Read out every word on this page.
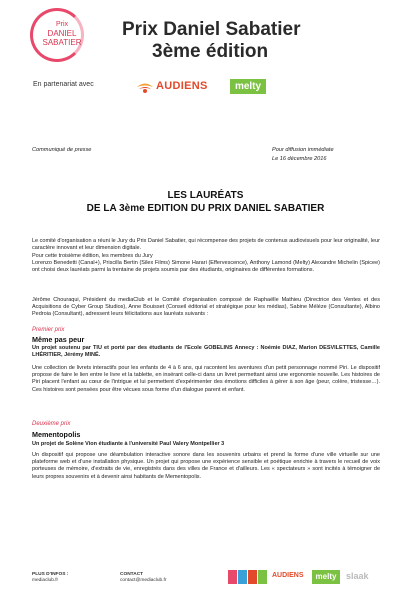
Prix
DANIEL
SABATIER
Prix Daniel Sabatier
3ème édition
En partenariat avec	AUDIENS	melty
Communiqué de presse	Pour diffusion immédiate
Le 16 décembre 2016
LES LAURÉATS
DE LA 3ème EDITION DU PRIX DANIEL SABATIER
Le comité d'organisation a réuni le Jury du Prix Daniel Sabatier, qui récompense des projets de contenus audiovisuels pour leur originalité, leur caractère innovant et leur dimension digitale.
Pour cette troisième édition, les membres du Jury
Lorenzo Benedetti (Canal+), Priscilla Bertin (Silex Films) Simone Harari (Effervescence), Anthony Lamond (Melty) Alexandre Michelin (Spicee) ont choisi deux lauréats parmi la trentaine de projets soumis par des étudiants, originaires de différentes formations.
Jérôme Chouraqui, Président du mediaClub et le Comité d'organisation composé de Raphaëlle Mathieu (Directrice des Ventes et des Acquisitions de Cyber Group Studios), Anne Bouisset (Conseil éditorial et stratégique pour les médias), Sabine Méléze (Consultante), Albino Pedroia (Consultant), adressent leurs félicitations aux lauréats suivants :
Premier prix
Même pas peur
Un projet soutenu par TIU et porté par des étudiants de l'Ecole GOBELINS Annecy : Noémie DIAZ, Marion DESVILETTES, Camille LHÉRITIER, Jérémy MINÉ.
Une collection de livrets interactifs pour les enfants de 4 à 6 ans, qui racontent les aventures d'un petit personnage nommé Piri. Le dispositif propose de faire le lien entre le livre et la tablette, en insérant celle-ci dans un livret permettant ainsi une ergonomie nouvelle. Les histoires de Piri placent l'enfant au cœur de l'intrigue et lui permettent d'expérimenter des émotions difficiles à gérer à son âge (peur, colère, tristesse…). Ces histoires sont pensées pour être vécues sous forme d'un dialogue parent et enfant.
Deuxième prix
Mementopolis
Un projet de Solène Vion étudiante à l'université Paul Valery Montpellier 3
Un dispositif qui propose une déambulation interactive sonore dans les souvenirs urbains et prend la forme d'une ville virtuelle sur une plateforme web et d'une installation physique. Un projet qui propose une expérience sensible et poétique enrichie à travers le recueil de voix porteuses de mémoire, d'extraits de vie, enregistrés dans des villes de France et d'ailleurs. Les « spectateurs » sont incités à témoigner de leurs propres souvenirs et à devenir ainsi habitants de Mementopolis.
PLUS D'INFOS :
mediaclub.fr
CONTACT
contact@mediaclub.fr
AUDIENS	melty	slaak
